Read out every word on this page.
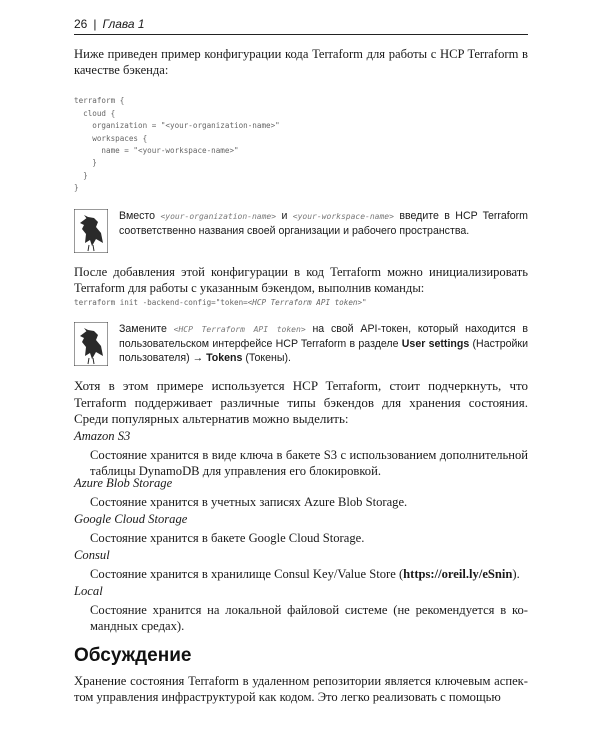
26 | Глава 1
Ниже приведен пример конфигурации кода Terraform для работы с HCP Terraform в качестве бэкенда:

terraform {
cloud {
organization = "<your-organization-name>"
workspaces {
name = "<your-workspace-name>"
}
}
}
Вместо <your-organization-name> и <your-workspace-name> введите в HCP Terraform соответственно названия своей организации и рабочего пространства.
После добавления этой конфигурации в код Terraform можно инициализировать Terraform для работы с указанным бэкендом, выполнив команды:
terraform init -backend-config="token=<HCP Terraform API token>"
Замените <HCP Terraform API token> на свой API-токен, который находится в пользовательском интерфейсе HCP Terraform в разделе User settings (Настройки пользователя) → Tokens (Токены).
Хотя в этом примере используется HCP Terraform, стоит подчеркнуть, что Terraform поддерживает различные типы бэкендов для хранения состояния. Среди популярных альтернатив можно выделить:
Amazon S3
Состояние хранится в виде ключа в бакете S3 с использованием дополнительной таблицы DynamoDB для управления его блокировкой.
Azure Blob Storage
Состояние хранится в учетных записях Azure Blob Storage.
Google Cloud Storage
Состояние хранится в бакете Google Cloud Storage.
Consul
Состояние хранится в хранилище Consul Key/Value Store (https://oreil.ly/eSnin).
Local
Состояние хранится на локальной файловой системе (не рекомендуется в командных средах).
Обсуждение
Хранение состояния Terraform в удаленном репозитории является ключевым аспектом управления инфраструктурой как кодом. Это легко реализовать с помощью
